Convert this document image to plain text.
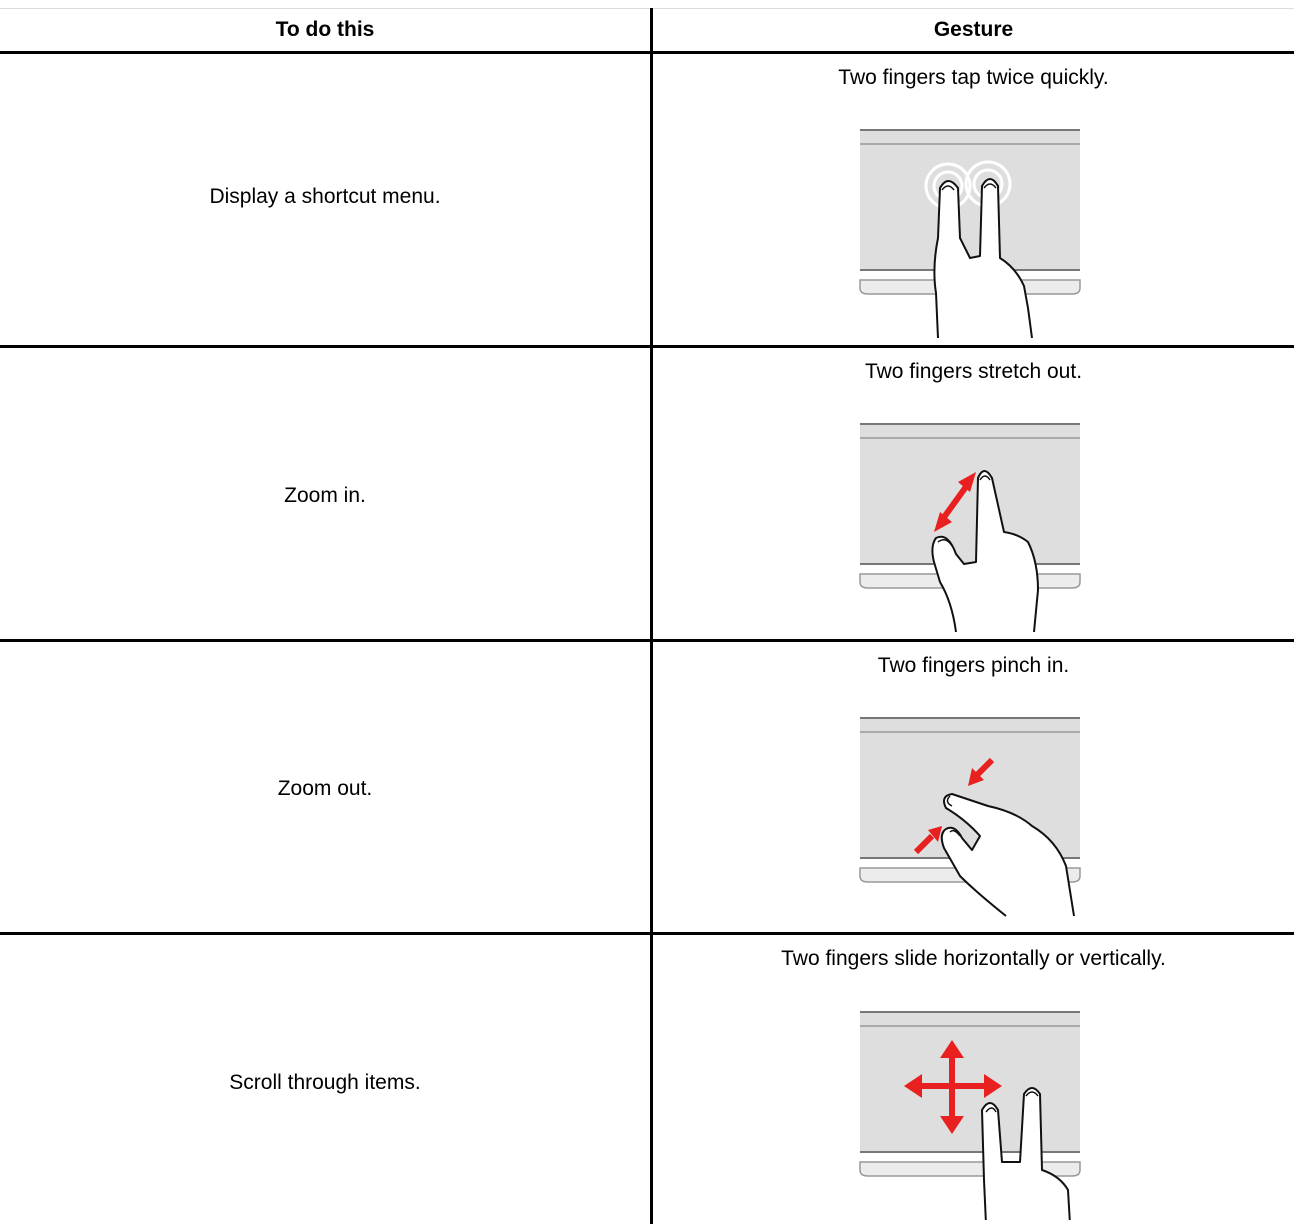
To do this	Gesture
Display a shortcut menu.
Two fingers tap twice quickly.
Zoom in.
Two fingers stretch out.
Zoom out.
Two fingers pinch in.
Scroll through items.
Two fingers slide horizontally or vertically.
